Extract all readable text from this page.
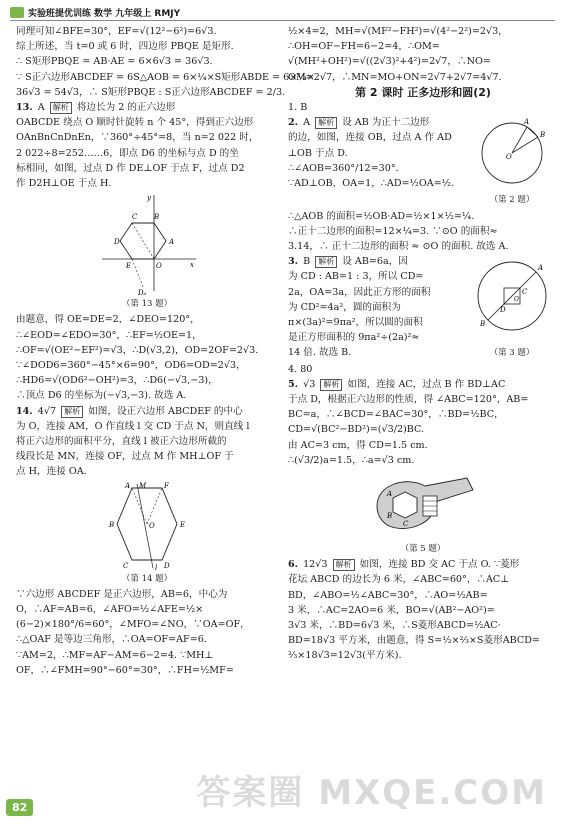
实验班提优训练 数学 九年级上 RMJY

同理可知∠BFE=30°，EF=√(12²−6²)=6√3.

综上所述，当 t=0 或 6 时，四边形 PBQE 是矩形.

∴ S矩形PBQE = AB·AE = 6×6√3 = 36√3.

∵ S正六边形ABCDEF = 6S△AOB = 6×¼×S矩形ABDE = 6×¼×

36√3 = 54√3，∴ S矩形PBQE : S正六边形ABCDEF = 2/3.

13. A 解析 将边长为 2 的正六边形

OABCDE 绕点 O 顺时针旋转 n 个 45°，得到正六边形

OAnBnCnDnEn，∵360°÷45°=8，当 n=2 022 时，

2 022÷8=252……6，即点 D6 的坐标与点 D 的坐

标相同，如图，过点 D 作 DE⊥OF 于点 F，过点 D2

作 D2H⊥OE 于点 H.

x
y
D	A
C B
E	O
D₆
（第 13 题）

由题意，得 OE=DE=2，∠DEO=120°，

∴∠EOD=∠EDO=30°，∴EF=½OE=1，

∴OF=√(OE²−EF²)=√3，∴D(√3,2)，OD=2OF=2√3.

∵∠DOD6=360°−45°×6=90°，OD6=OD=2√3，

∴HD6=√(OD6²−OH²)=3，∴D6(−√3,−3)，

∴顶点 D6 的坐标为(−√3,−3). 故选 A.

14. 4√7 解析 如图，设正六边形 ABCDEF 的中心

为 O，连接 AM，O 作直线 l 交 CD 于点 N，则直线 l

将正六边形的面积平分，直线 l 被正六边形所截的

线段长是 MN，连接 OF，过点 M 作 MH⊥OF 于

点 H，连接 OA.

A M	F
B	E
C	D
O
l
（第 14 题）

∵六边形 ABCDEF 是正六边形，AB=6，中心为

O，∴AF=AB=6，∠AFO=½∠AFE=½×

(6−2)×180°/6=60°，∠MFO=∠NO，∵OA=OF，

∴△OAF 是等边三角形，∴OA=OF=AF=6.

∵AM=2，∴MF=AF−AM=6−2=4. ∵MH⊥

OF，∴∠FMH=90°−60°=30°，∴FH=½MF=

½×4=2，MH=√(MF²−FH²)=√(4²−2²)=2√3，

∴OH=OF−FH=6−2=4，∴OM=

√(MH²+OH²)=√((2√3)²+4²)=2√7，∴NO=

OM=2√7，∴MN=MO+ON=2√7+2√7=4√7.

第 2 课时 正多边形和圆(2)

1. B

2. A 解析 设 AB 为正十二边形

的边，如图，连接 OB，过点 A 作 AD

⊥OB 于点 D.

∴∠AOB=360°/12=30°.

∵AD⊥OB，OA=1，∴AD=½OA=½.

A
B
O
（第 2 题）

∴△AOB 的面积=½OB·AD=½×1×½=¼.

∴正十二边形的面积=12×¼=3. ∵⊙O 的面积≈

3.14，∴ 正十二边形的面积 ≈ ⊙O 的面积. 故选 A.

3. B 解析 设 AB=6a，因

为 CD : AB=1 : 3，所以 CD=

2a，OA=3a，因此正方形的面积

为 CD²=4a²，圆的面积为

π×(3a)²=9πa²，所以圆的面积

是正方形面积的 9πa²÷(2a)²≈

14 倍. 故选 B.

B
A
C
D
O
（第 3 题）

4. 80

5. √3 解析 如图，连接 AC，过点 B 作 BD⊥AC

于点 D，根据正六边形的性质，得 ∠ABC=120°，AB=

BC=a，∴∠BCD=∠BAC=30°，∴BD=½BC，

CD=√(BC²−BD²)=(√3/2)BC.

由 AC=3 cm，得 CD=1.5 cm.

∴(√3/2)a=1.5，∴a=√3 cm.

A
B
C
（第 5 题）

6. 12√3 解析 如图，连接 BD 交 AC 于点 O. ∵菱形

花坛 ABCD 的边长为 6 米，∠ABC=60°，∴AC⊥

BD，∠ABO=½∠ABC=30°，∴AO=½AB=

3 米，∴AC=2AO=6 米，BO=√(AB²−AO²)=

3√3 米，∴BD=6√3 米，∴S菱形ABCD=½AC·

BD=18√3 平方米，由题意，得 S=½×⅔×S菱形ABCD=

⅔×18√3=12√3(平方米).

82	答案圈 MXQE.COM
